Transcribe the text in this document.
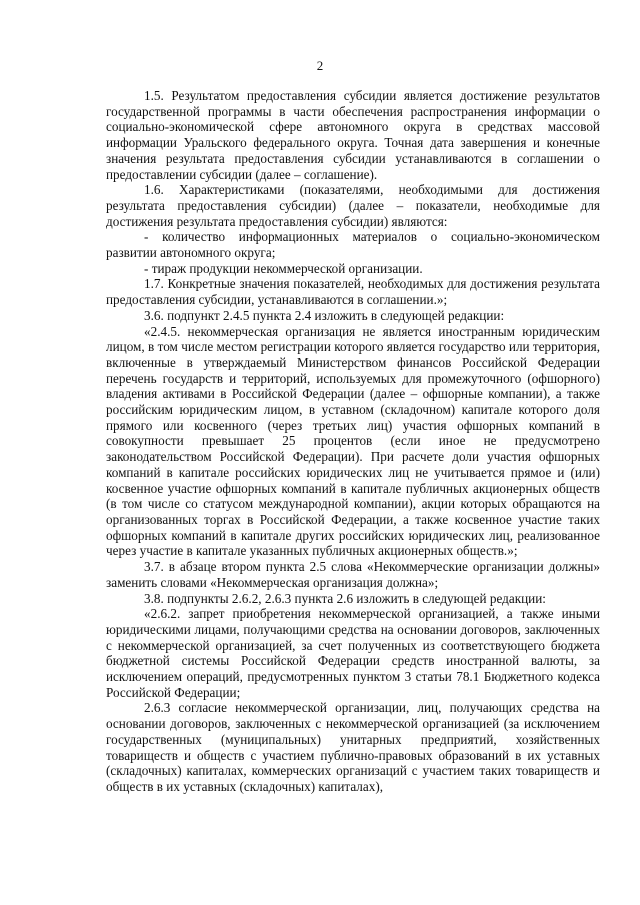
2

1.5. Результатом предоставления субсидии является достижение результатов государственной программы в части обеспечения распространения информации о социально-экономической сфере автономного округа в средствах массовой информации Уральского федерального округа. Точная дата завершения и конечные значения результата предоставления субсидии устанавливаются в соглашении о предоставлении субсидии (далее – соглашение).

1.6. Характеристиками (показателями, необходимыми для достижения результата предоставления субсидии) (далее – показатели, необходимые для достижения результата предоставления субсидии) являются:

- количество информационных материалов о социально-экономическом развитии автономного округа;

- тираж продукции некоммерческой организации.

1.7. Конкретные значения показателей, необходимых для достижения результата предоставления субсидии, устанавливаются в соглашении.»;

3.6. подпункт 2.4.5 пункта 2.4 изложить в следующей редакции:

«2.4.5. некоммерческая организация не является иностранным юридическим лицом, в том числе местом регистрации которого является государство или территория, включенные в утверждаемый Министерством финансов Российской Федерации перечень государств и территорий, используемых для промежуточного (офшорного) владения активами в Российской Федерации (далее – офшорные компании), а также российским юридическим лицом, в уставном (складочном) капитале которого доля прямого или косвенного (через третьих лиц) участия офшорных компаний в совокупности превышает 25 процентов (если иное не предусмотрено законодательством Российской Федерации). При расчете доли участия офшорных компаний в капитале российских юридических лиц не учитывается прямое и (или) косвенное участие офшорных компаний в капитале публичных акционерных обществ (в том числе со статусом международной компании), акции которых обращаются на организованных торгах в Российской Федерации, а также косвенное участие таких офшорных компаний в капитале других российских юридических лиц, реализованное через участие в капитале указанных публичных акционерных обществ.»;

3.7. в абзаце втором пункта 2.5 слова «Некоммерческие организации должны» заменить словами «Некоммерческая организация должна»;

3.8. подпункты 2.6.2, 2.6.3 пункта 2.6 изложить в следующей редакции:

«2.6.2. запрет приобретения некоммерческой организацией, а также иными юридическими лицами, получающими средства на основании договоров, заключенных с некоммерческой организацией, за счет полученных из соответствующего бюджета бюджетной системы Российской Федерации средств иностранной валюты, за исключением операций, предусмотренных пунктом 3 статьи 78.1 Бюджетного кодекса Российской Федерации;

2.6.3 согласие некоммерческой организации, лиц, получающих средства на основании договоров, заключенных с некоммерческой организацией (за исключением государственных (муниципальных) унитарных предприятий, хозяйственных товариществ и обществ с участием публично-правовых образований в их уставных (складочных) капиталах, коммерческих организаций с участием таких товариществ и обществ в их уставных (складочных) капиталах),
